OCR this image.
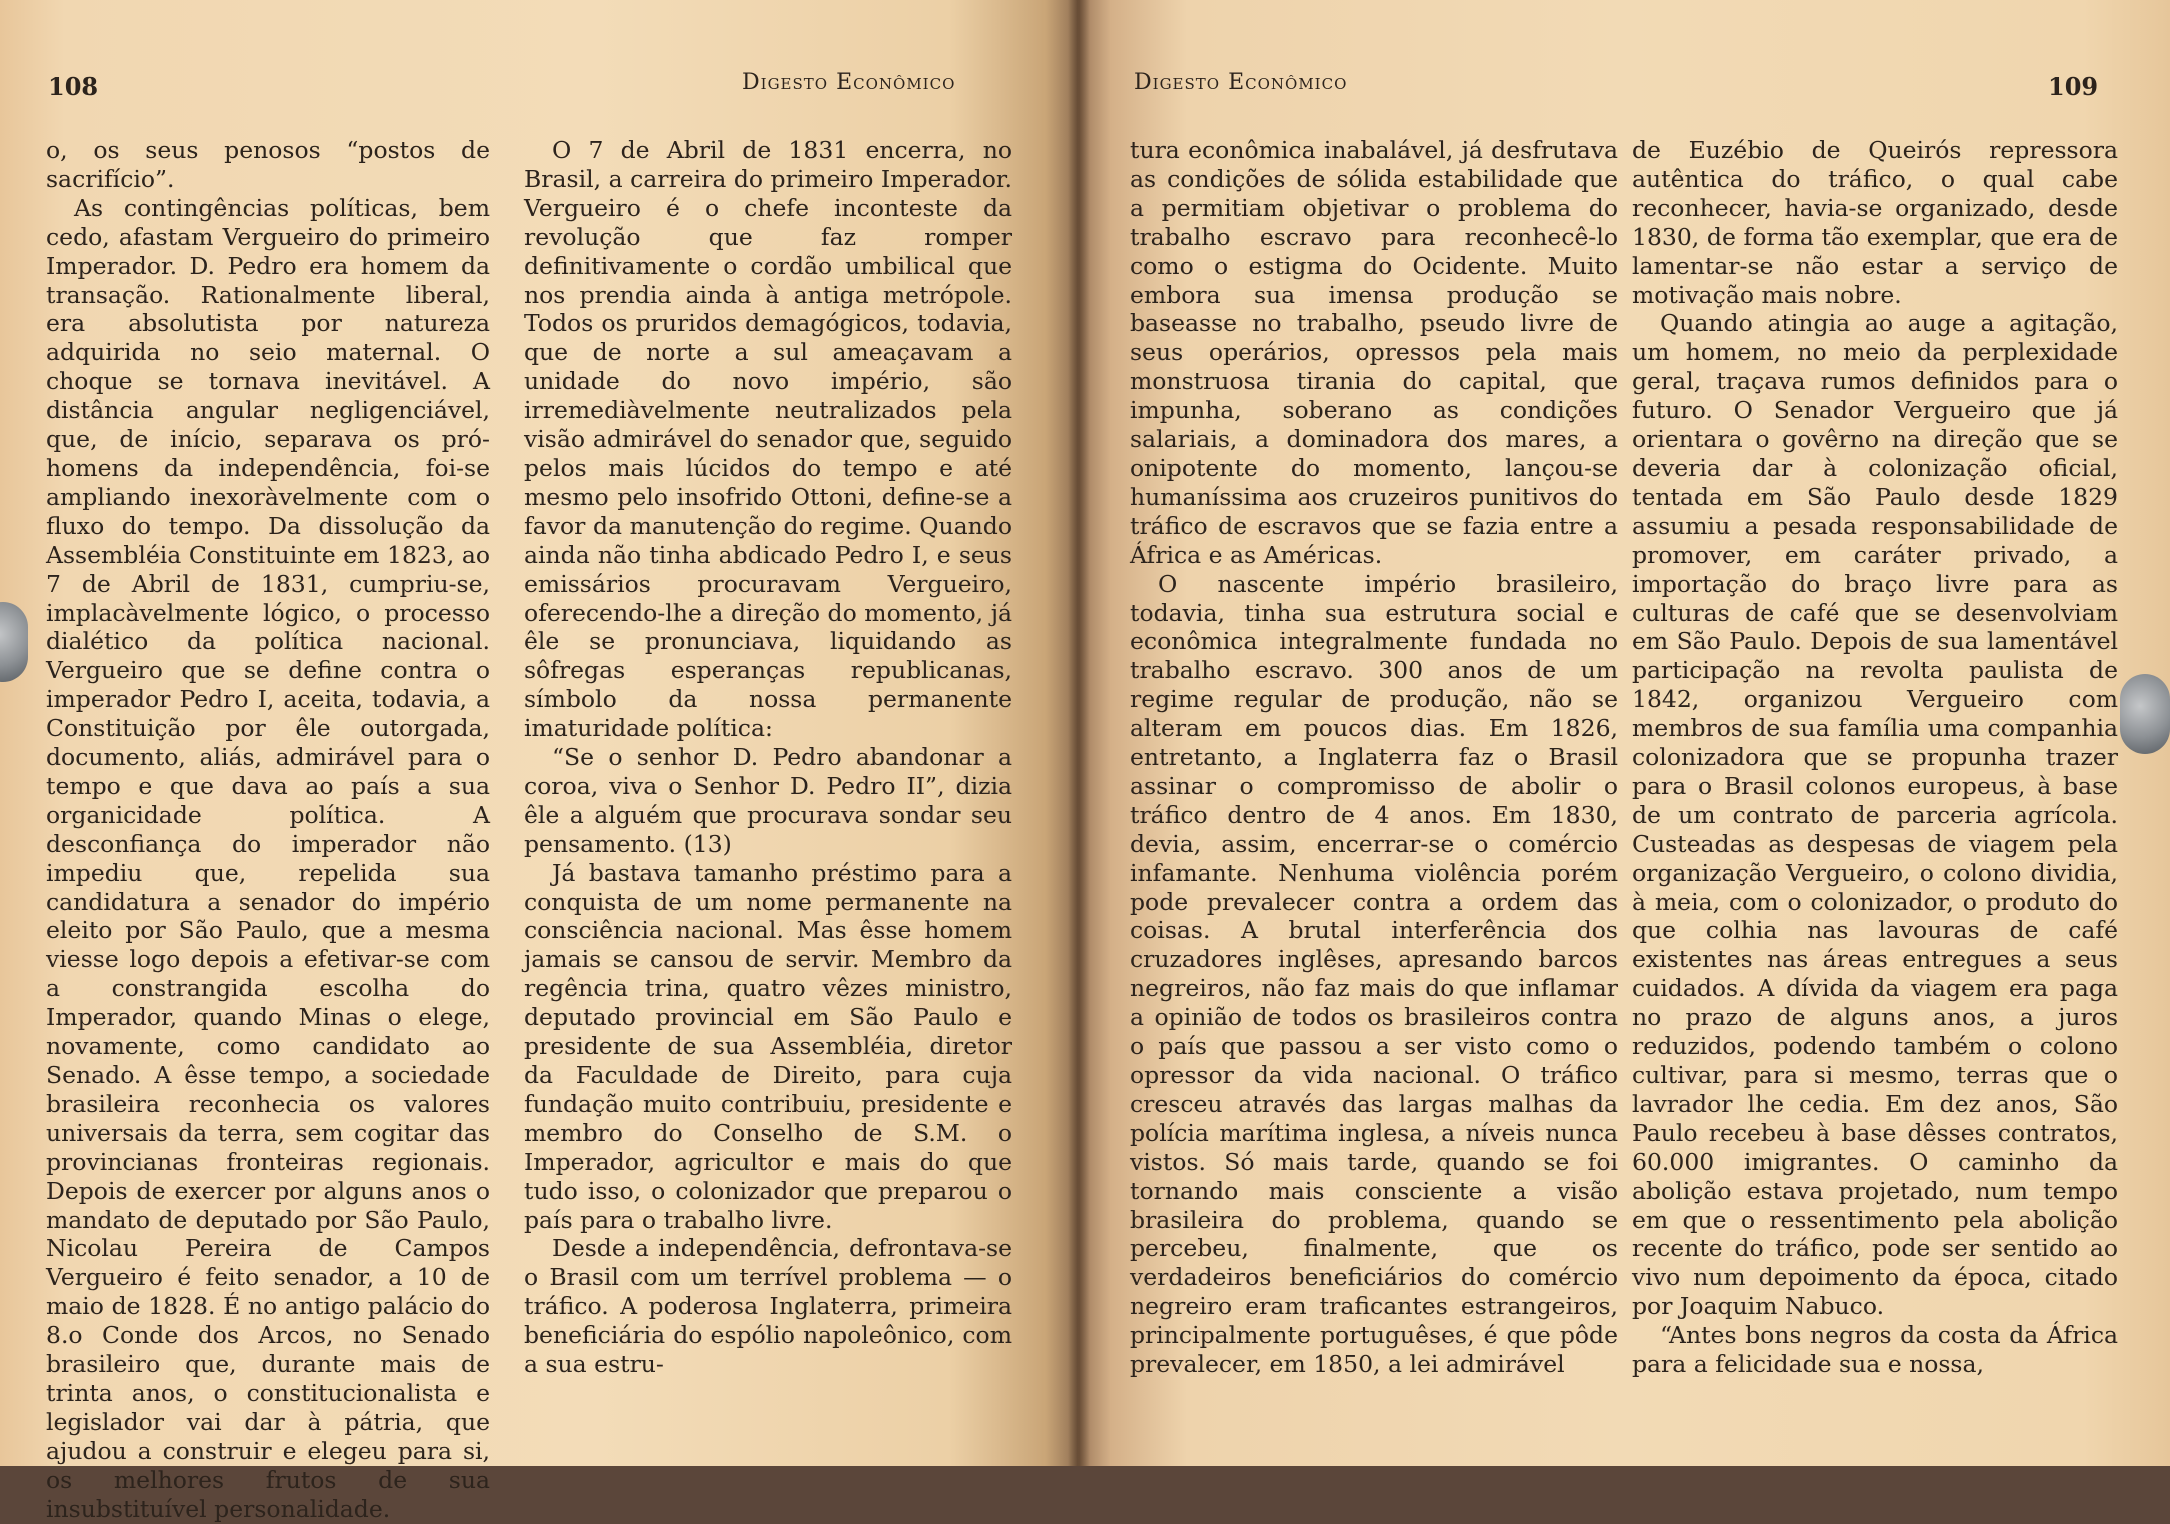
108	Digesto Econômico

o, os seus penosos “postos de sacrifício”.

As contingências políticas, bem cedo, afastam Vergueiro do primeiro Imperador. D. Pedro era homem da transação. Rationalmente liberal, era absolutista por natureza adquirida no seio maternal. O choque se tornava inevitável. A distância angular negligenciável, que, de início, separava os pró-homens da independência, foi-se ampliando inexoràvelmente com o fluxo do tempo. Da dissolução da Assembléia Constituinte em 1823, ao 7 de Abril de 1831, cumpriu-se, implacàvelmente lógico, o processo dialético da política nacional. Vergueiro que se define contra o imperador Pedro I, aceita, todavia, a Constituição por êle outorgada, documento, aliás, admirável para o tempo e que dava ao país a sua organicidade política. A desconfiança do imperador não impediu que, repelida sua candidatura a senador do império eleito por São Paulo, que a mesma viesse logo depois a efetivar-se com a constrangida escolha do Imperador, quando Minas o elege, novamente, como candidato ao Senado. A êsse tempo, a sociedade brasileira reconhecia os valores universais da terra, sem cogitar das provincianas fronteiras regionais. Depois de exercer por alguns anos o mandato de deputado por São Paulo, Nicolau Pereira de Campos Vergueiro é feito senador, a 10 de maio de 1828. É no antigo palácio do 8.o Conde dos Arcos, no Senado brasileiro que, durante mais de trinta anos, o constitucionalista e legislador vai dar à pátria, que ajudou a construir e elegeu para si, os melhores frutos de sua insubstituível personalidade.

O 7 de Abril de 1831 encerra, no Brasil, a carreira do primeiro Imperador. Vergueiro é o chefe inconteste da revolução que faz romper definitivamente o cordão umbilical que nos prendia ainda à antiga metrópole. Todos os pruridos demagógicos, todavia, que de norte a sul ameaçavam a unidade do novo império, são irremediàvelmente neutralizados pela visão admirável do senador que, seguido pelos mais lúcidos do tempo e até mesmo pelo insofrido Ottoni, define-se a favor da manutenção do regime. Quando ainda não tinha abdicado Pedro I, e seus emissários procuravam Vergueiro, oferecendo-lhe a direção do momento, já êle se pronunciava, liquidando as sôfregas esperanças republicanas, símbolo da nossa permanente imaturidade política:

“Se o senhor D. Pedro abandonar a coroa, viva o Senhor D. Pedro II”, dizia êle a alguém que procurava sondar seu pensamento. (13)

Já bastava tamanho préstimo para a conquista de um nome permanente na consciência nacional. Mas êsse homem jamais se cansou de servir. Membro da regência trina, quatro vêzes ministro, deputado provincial em São Paulo e presidente de sua Assembléia, diretor da Faculdade de Direito, para cuja fundação muito contribuiu, presidente e membro do Conselho de S.M. o Imperador, agricultor e mais do que tudo isso, o colonizador que preparou o país para o trabalho livre.

Desde a independência, defrontava-se o Brasil com um terrível problema — o tráfico. A poderosa Inglaterra, primeira beneficiária do espólio napoleônico, com a sua estru-

Digesto Econômico	109

tura econômica inabalável, já desfrutava as condições de sólida estabilidade que a permitiam objetivar o problema do trabalho escravo para reconhecê-lo como o estigma do Ocidente. Muito embora sua imensa produção se baseasse no trabalho, pseudo livre de seus operários, opressos pela mais monstruosa tirania do capital, que impunha, soberano as condições salariais, a dominadora dos mares, a onipotente do momento, lançou-se humaníssima aos cruzeiros punitivos do tráfico de escravos que se fazia entre a África e as Américas.

O nascente império brasileiro, todavia, tinha sua estrutura social e econômica integralmente fundada no trabalho escravo. 300 anos de um regime regular de produção, não se alteram em poucos dias. Em 1826, entretanto, a Inglaterra faz o Brasil assinar o compromisso de abolir o tráfico dentro de 4 anos. Em 1830, devia, assim, encerrar-se o comércio infamante. Nenhuma violência porém pode prevalecer contra a ordem das coisas. A brutal interferência dos cruzadores inglêses, apresando barcos negreiros, não faz mais do que inflamar a opinião de todos os brasileiros contra o país que passou a ser visto como o opressor da vida nacional. O tráfico cresceu através das largas malhas da polícia marítima inglesa, a níveis nunca vistos. Só mais tarde, quando se foi tornando mais consciente a visão brasileira do problema, quando se percebeu, finalmente, que os verdadeiros beneficiários do comércio negreiro eram traficantes estrangeiros, principalmente portuguêses, é que pôde prevalecer, em 1850, a lei admirável

de Euzébio de Queirós repressora autêntica do tráfico, o qual cabe reconhecer, havia-se organizado, desde 1830, de forma tão exemplar, que era de lamentar-se não estar a serviço de motivação mais nobre.

Quando atingia ao auge a agitação, um homem, no meio da perplexidade geral, traçava rumos definidos para o futuro. O Senador Vergueiro que já orientara o govêrno na direção que se deveria dar à colonização oficial, tentada em São Paulo desde 1829 assumiu a pesada responsabilidade de promover, em caráter privado, a importação do braço livre para as culturas de café que se desenvolviam em São Paulo. Depois de sua lamentável participação na revolta paulista de 1842, organizou Vergueiro com membros de sua família uma companhia colonizadora que se propunha trazer para o Brasil colonos europeus, à base de um contrato de parceria agrícola. Custeadas as despesas de viagem pela organização Vergueiro, o colono dividia, à meia, com o colonizador, o produto do que colhia nas lavouras de café existentes nas áreas entregues a seus cuidados. A dívida da viagem era paga no prazo de alguns anos, a juros reduzidos, podendo também o colono cultivar, para si mesmo, terras que o lavrador lhe cedia. Em dez anos, São Paulo recebeu à base dêsses contratos, 60.000 imigrantes. O caminho da abolição estava projetado, num tempo em que o ressentimento pela abolição recente do tráfico, pode ser sentido ao vivo num depoimento da época, citado por Joaquim Nabuco.

“Antes bons negros da costa da África para a felicidade sua e nossa,
